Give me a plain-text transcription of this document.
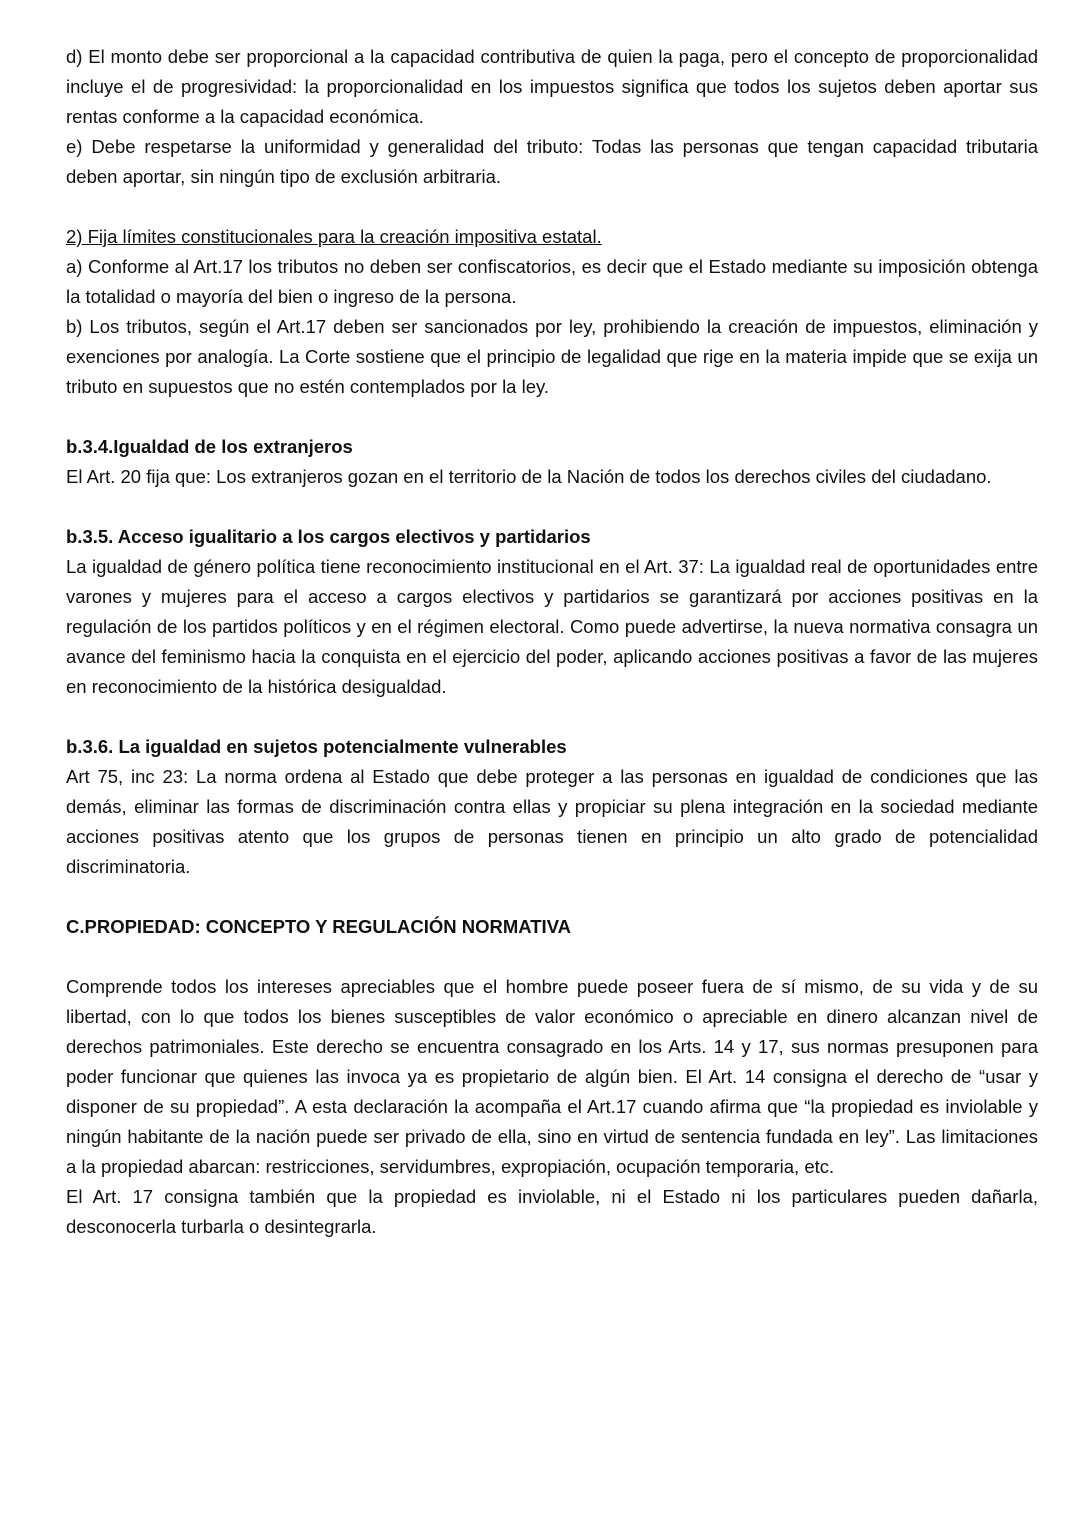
d) El monto debe ser proporcional a la capacidad contributiva de quien la paga, pero el concepto de proporcionalidad incluye el de progresividad: la proporcionalidad en los impuestos significa que todos los sujetos deben aportar sus rentas conforme a la capacidad económica.

e) Debe respetarse la uniformidad y generalidad del tributo: Todas las personas que tengan capacidad tributaria deben aportar, sin ningún tipo de exclusión arbitraria.

2) Fija límites constitucionales para la creación impositiva estatal.

a) Conforme al Art.17 los tributos no deben ser confiscatorios, es decir que el Estado mediante su imposición obtenga la totalidad o mayoría del bien o ingreso de la persona.

b) Los tributos, según el Art.17 deben ser sancionados por ley, prohibiendo la creación de impuestos, eliminación y exenciones por analogía. La Corte sostiene que el principio de legalidad que rige en la materia impide que se exija un tributo en supuestos que no estén contemplados por la ley.

b.3.4.Igualdad de los extranjeros

El Art. 20 fija que: Los extranjeros gozan en el territorio de la Nación de todos los derechos civiles del ciudadano.

b.3.5. Acceso igualitario a los cargos electivos y partidarios

La igualdad de género política tiene reconocimiento institucional en el Art. 37: La igualdad real de oportunidades entre varones y mujeres para el acceso a cargos electivos y partidarios se garantizará por acciones positivas en la regulación de los partidos políticos y en el régimen electoral. Como puede advertirse, la nueva normativa consagra un avance del feminismo hacia la conquista en el ejercicio del poder, aplicando acciones positivas a favor de las mujeres en reconocimiento de la histórica desigualdad.

b.3.6. La igualdad en sujetos potencialmente vulnerables

Art 75, inc 23: La norma ordena al Estado que debe proteger a las personas en igualdad de condiciones que las demás, eliminar las formas de discriminación contra ellas y propiciar su plena integración en la sociedad mediante acciones positivas atento que los grupos de personas tienen en principio un alto grado de potencialidad discriminatoria.

C.PROPIEDAD: CONCEPTO Y REGULACIÓN NORMATIVA

Comprende todos los intereses apreciables que el hombre puede poseer fuera de sí mismo, de su vida y de su libertad, con lo que todos los bienes susceptibles de valor económico o apreciable en dinero alcanzan nivel de derechos patrimoniales. Este derecho se encuentra consagrado en los Arts. 14 y 17, sus normas presuponen para poder funcionar que quienes las invoca ya es propietario de algún bien. El Art. 14 consigna el derecho de “usar y disponer de su propiedad”. A esta declaración la acompaña el Art.17 cuando afirma que “la propiedad es inviolable y ningún habitante de la nación puede ser privado de ella, sino en virtud de sentencia fundada en ley”. Las limitaciones a la propiedad abarcan: restricciones, servidumbres, expropiación, ocupación temporaria, etc.

El Art. 17 consigna también que la propiedad es inviolable, ni el Estado ni los particulares pueden dañarla, desconocerla turbarla o desintegrarla.
